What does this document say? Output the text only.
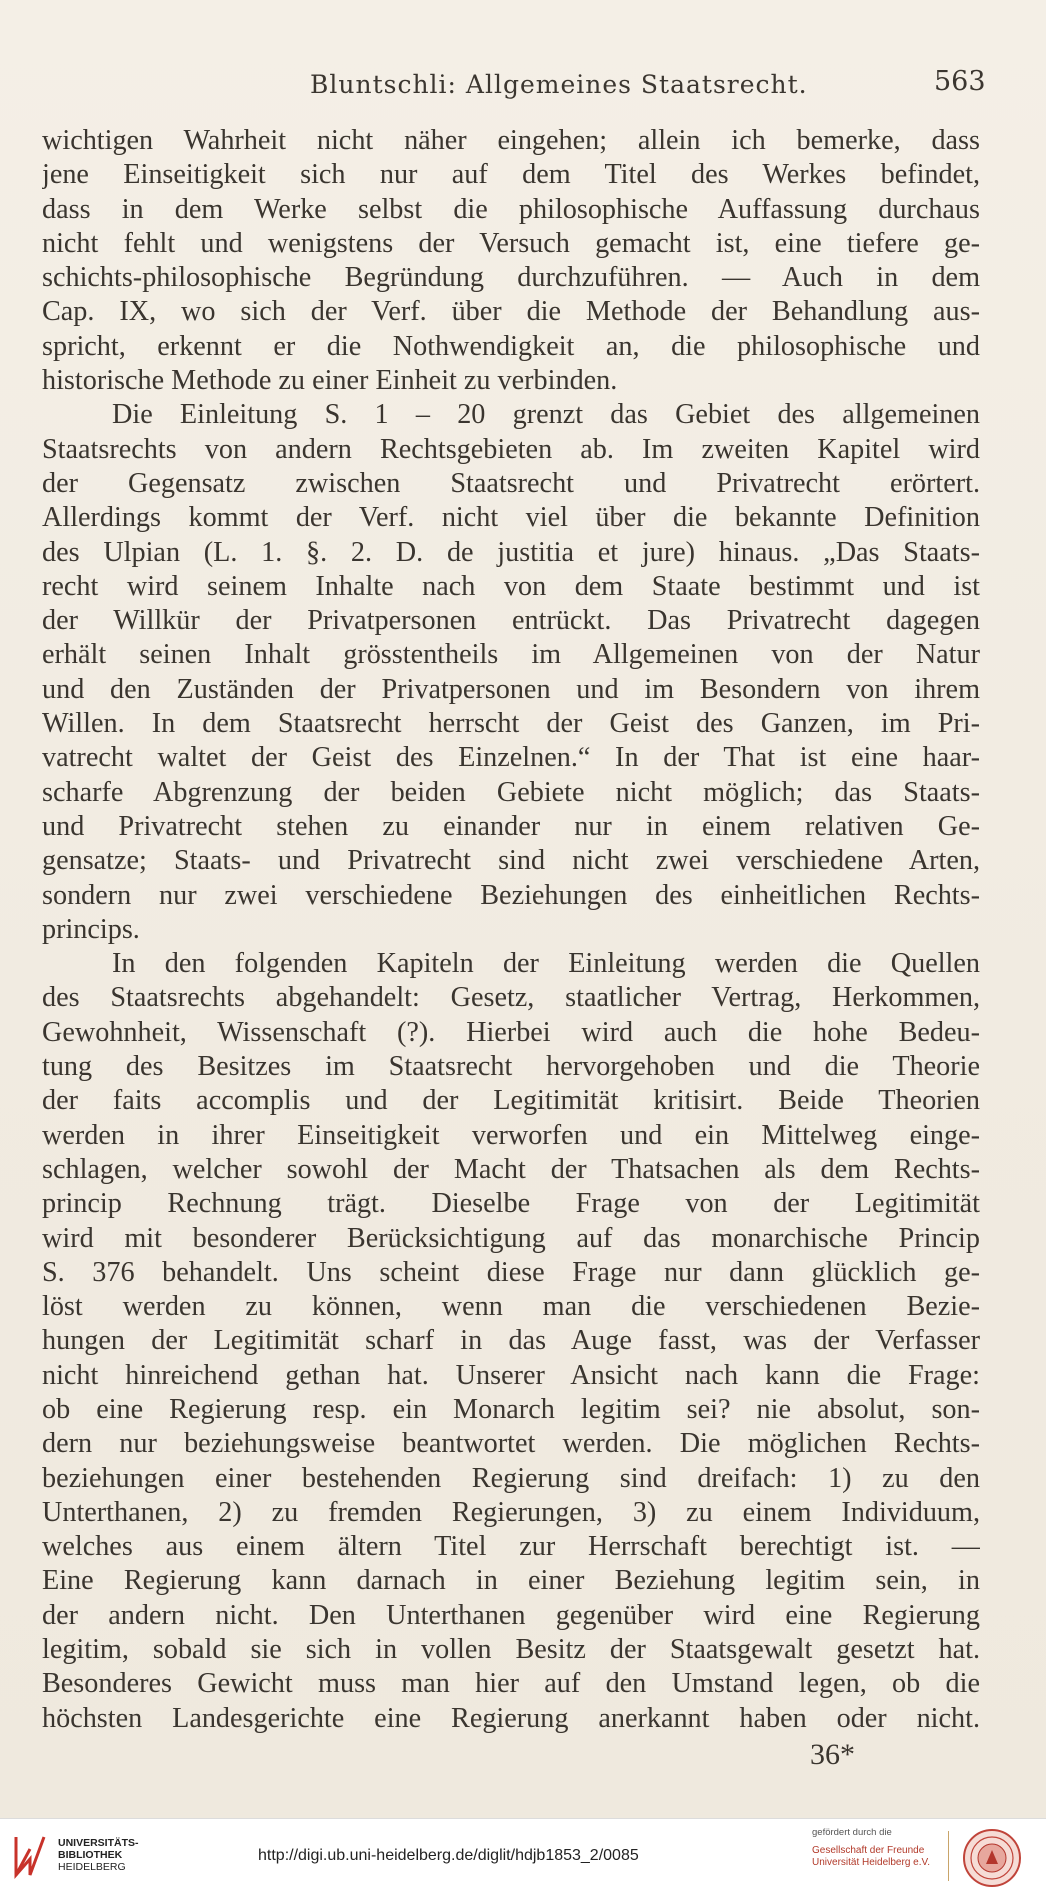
Bluntschli: Allgemeines Staatsrecht.	563
wichtigen Wahrheit nicht näher eingehen; allein ich bemerke, dass
jene Einseitigkeit sich nur auf dem Titel des Werkes befindet,
dass in dem Werke selbst die philosophische Auffassung durchaus
nicht fehlt und wenigstens der Versuch gemacht ist, eine tiefere ge-
schichts-philosophische Begründung durchzuführen. — Auch in dem
Cap. IX, wo sich der Verf. über die Methode der Behandlung aus-
spricht, erkennt er die Nothwendigkeit an, die philosophische und
historische Methode zu einer Einheit zu verbinden.
Die Einleitung S. 1 – 20 grenzt das Gebiet des allgemeinen
Staatsrechts von andern Rechtsgebieten ab. Im zweiten Kapitel wird
der Gegensatz zwischen Staatsrecht und Privatrecht erörtert.
Allerdings kommt der Verf. nicht viel über die bekannte Definition
des Ulpian (L. 1. §. 2. D. de justitia et jure) hinaus. „Das Staats-
recht wird seinem Inhalte nach von dem Staate bestimmt und ist
der Willkür der Privatpersonen entrückt. Das Privatrecht dagegen
erhält seinen Inhalt grösstentheils im Allgemeinen von der Natur
und den Zuständen der Privatpersonen und im Besondern von ihrem
Willen. In dem Staatsrecht herrscht der Geist des Ganzen, im Pri-
vatrecht waltet der Geist des Einzelnen.“ In der That ist eine haar-
scharfe Abgrenzung der beiden Gebiete nicht möglich; das Staats-
und Privatrecht stehen zu einander nur in einem relativen Ge-
gensatze; Staats- und Privatrecht sind nicht zwei verschiedene Arten,
sondern nur zwei verschiedene Beziehungen des einheitlichen Rechts-
princips.
In den folgenden Kapiteln der Einleitung werden die Quellen
des Staatsrechts abgehandelt: Gesetz, staatlicher Vertrag, Herkommen,
Gewohnheit, Wissenschaft (?). Hierbei wird auch die hohe Bedeu-
tung des Besitzes im Staatsrecht hervorgehoben und die Theorie
der faits accomplis und der Legitimität kritisirt. Beide Theorien
werden in ihrer Einseitigkeit verworfen und ein Mittelweg einge-
schlagen, welcher sowohl der Macht der Thatsachen als dem Rechts-
princip Rechnung trägt. Dieselbe Frage von der Legitimität
wird mit besonderer Berücksichtigung auf das monarchische Princip
S. 376 behandelt. Uns scheint diese Frage nur dann glücklich ge-
löst werden zu können, wenn man die verschiedenen Bezie-
hungen der Legitimität scharf in das Auge fasst, was der Verfasser
nicht hinreichend gethan hat. Unserer Ansicht nach kann die Frage:
ob eine Regierung resp. ein Monarch legitim sei? nie absolut, son-
dern nur beziehungsweise beantwortet werden. Die möglichen Rechts-
beziehungen einer bestehenden Regierung sind dreifach: 1) zu den
Unterthanen, 2) zu fremden Regierungen, 3) zu einem Individuum,
welches aus einem ältern Titel zur Herrschaft berechtigt ist. —
Eine Regierung kann darnach in einer Beziehung legitim sein, in
der andern nicht. Den Unterthanen gegenüber wird eine Regierung
legitim, sobald sie sich in vollen Besitz der Staatsgewalt gesetzt hat.
Besonderes Gewicht muss man hier auf den Umstand legen, ob die
höchsten Landesgerichte eine Regierung anerkannt haben oder nicht.
36*
UNIVERSITÄTS-
BIBLIOTHEK
HEIDELBERG
http://digi.ub.uni-heidelberg.de/diglit/hdjb1853_2/0085
gefördert durch die
Gesellschaft der Freunde
Universität Heidelberg e.V.
